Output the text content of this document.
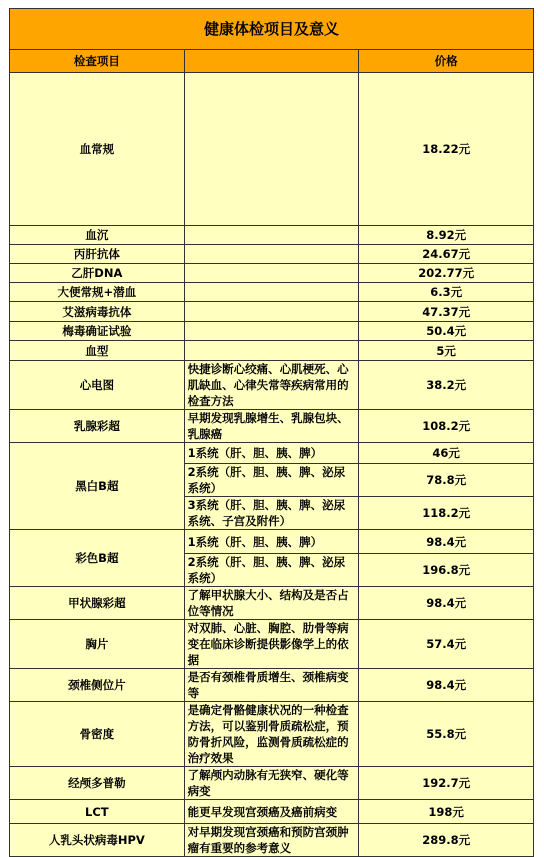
健康体检项目及意义		
检查项目		价格
血常规		18.22元
血沉		8.92元
丙肝抗体		24.67元
乙肝DNA		202.77元
大便常规+潜血		6.3元
艾滋病毒抗体		47.37元
梅毒确证试验		50.4元
血型		5元
心电图	快捷诊断心绞痛、心肌梗死、心肌缺血、心律失常等疾病常用的检查方法	38.2元
乳腺彩超	早期发现乳腺增生、乳腺包块、乳腺癌	108.2元
黑白B超	1系统（肝、胆、胰、脾）	46元
	2系统（肝、胆、胰、脾、泌尿系统）	78.8元
	3系统（肝、胆、胰、脾、泌尿系统、子宫及附件）	118.2元
彩色B超	1系统（肝、胆、胰、脾）	98.4元
	2系统（肝、胆、胰、脾、泌尿系统）	196.8元
甲状腺彩超	了解甲状腺大小、结构及是否占位等情况	98.4元
胸片	对双肺、心脏、胸腔、肋骨等病变在临床诊断提供影像学上的依据	57.4元
颈椎侧位片	是否有颈椎骨质增生、颈椎病变等	98.4元
骨密度	是确定骨骼健康状况的一种检查方法，可以鉴别骨质疏松症，预防骨折风险，监测骨质疏松症的治疗效果	55.8元
经颅多普勒	了解颅内动脉有无狭窄、硬化等病变	192.7元
LCT	能更早发现宫颈癌及癌前病变	198元
人乳头状病毒HPV	对早期发现宫颈癌和预防宫颈肿瘤有重要的参考意义	289.8元
